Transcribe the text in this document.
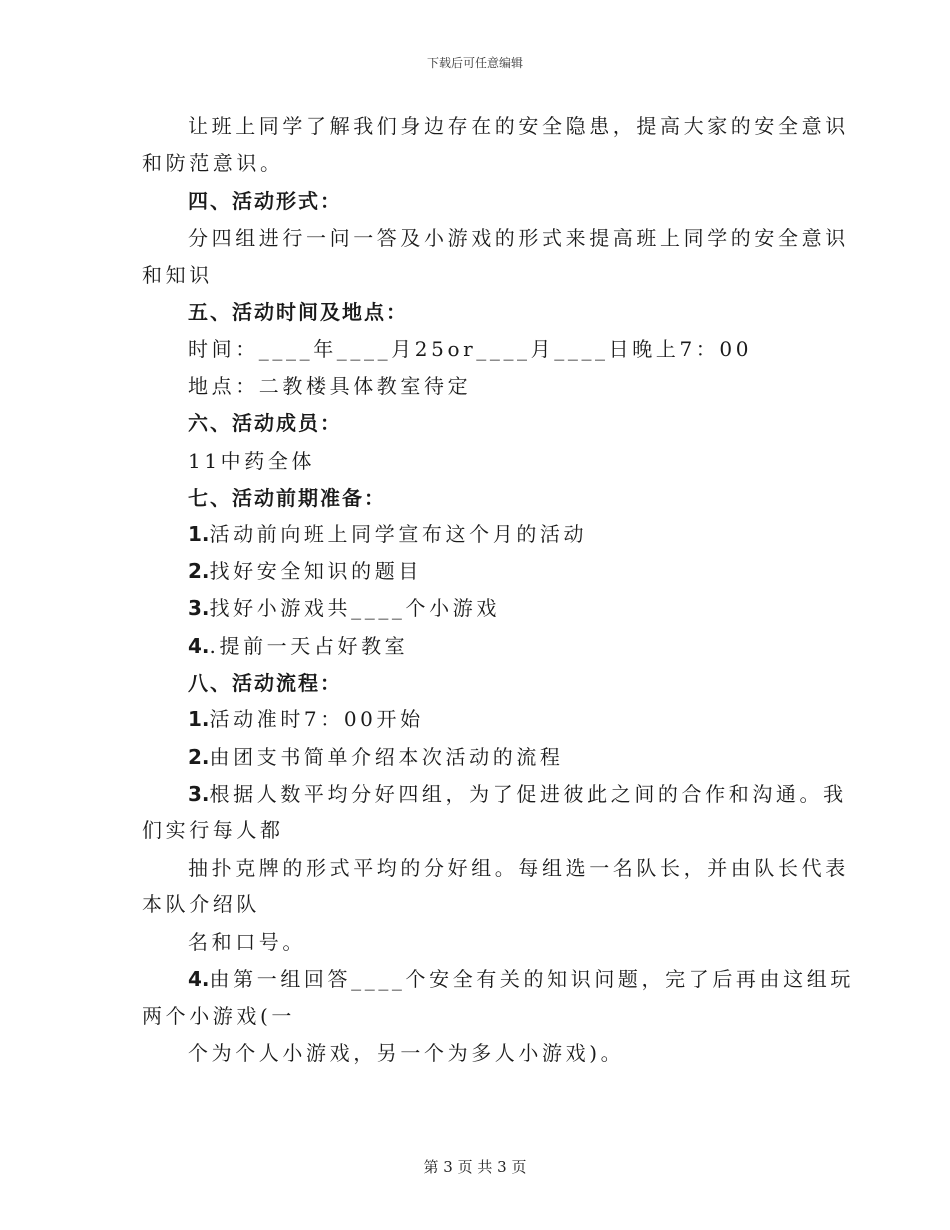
下载后可任意编辑
让班上同学了解我们身边存在的安全隐患，提高大家的安全意识
和防范意识。
四、活动形式：
分四组进行一问一答及小游戏的形式来提高班上同学的安全意识
和知识
五、活动时间及地点：
时间：____年____月25or____月____日晚上7：00
地点：二教楼具体教室待定
六、活动成员：
11中药全体
七、活动前期准备：
1.活动前向班上同学宣布这个月的活动
2.找好安全知识的题目
3.找好小游戏共____个小游戏
4..提前一天占好教室
八、活动流程：
1.活动准时7：00开始
2.由团支书简单介绍本次活动的流程
3.根据人数平均分好四组，为了促进彼此之间的合作和沟通。我
们实行每人都
抽扑克牌的形式平均的分好组。每组选一名队长，并由队长代表
本队介绍队
名和口号。
4.由第一组回答____个安全有关的知识问题，完了后再由这组玩
两个小游戏(一
个为个人小游戏，另一个为多人小游戏)。
第 3 页 共 3 页
